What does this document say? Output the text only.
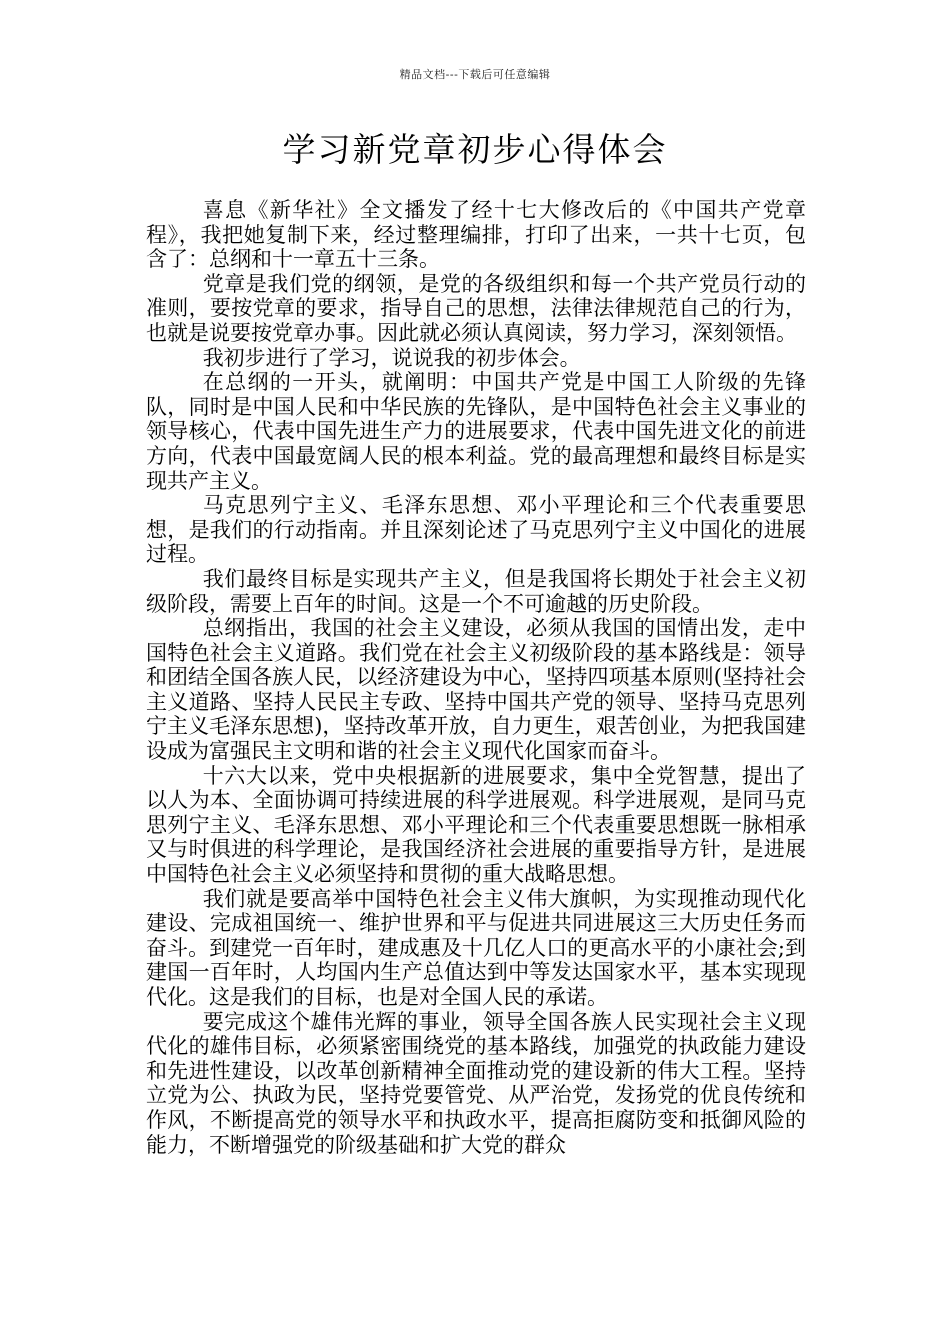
精品文档---下载后可任意编辑
学习新党章初步心得体会

喜息《新华社》全文播发了经十七大修改后的《中国共产党章程》，我把她复制下来，经过整理编排，打印了出来，一共十七页，包含了：总纲和十一章五十三条。

党章是我们党的纲领，是党的各级组织和每一个共产党员行动的准则，要按党章的要求，指导自己的思想，法律法律规范自己的行为，也就是说要按党章办事。因此就必须认真阅读，努力学习，深刻领悟。

我初步进行了学习，说说我的初步体会。

在总纲的一开头，就阐明：中国共产党是中国工人阶级的先锋队，同时是中国人民和中华民族的先锋队，是中国特色社会主义事业的领导核心，代表中国先进生产力的进展要求，代表中国先进文化的前进方向，代表中国最宽阔人民的根本利益。党的最高理想和最终目标是实现共产主义。

马克思列宁主义、毛泽东思想、邓小平理论和三个代表重要思想，是我们的行动指南。并且深刻论述了马克思列宁主义中国化的进展过程。

我们最终目标是实现共产主义，但是我国将长期处于社会主义初级阶段，需要上百年的时间。这是一个不可逾越的历史阶段。

总纲指出，我国的社会主义建设，必须从我国的国情出发，走中国特色社会主义道路。我们党在社会主义初级阶段的基本路线是：领导和团结全国各族人民，以经济建设为中心，坚持四项基本原则(坚持社会主义道路、坚持人民民主专政、坚持中国共产党的领导、坚持马克思列宁主义毛泽东思想)，坚持改革开放，自力更生，艰苦创业，为把我国建设成为富强民主文明和谐的社会主义现代化国家而奋斗。

十六大以来，党中央根据新的进展要求，集中全党智慧，提出了以人为本、全面协调可持续进展的科学进展观。科学进展观，是同马克思列宁主义、毛泽东思想、邓小平理论和三个代表重要思想既一脉相承又与时俱进的科学理论，是我国经济社会进展的重要指导方针，是进展中国特色社会主义必须坚持和贯彻的重大战略思想。

我们就是要高举中国特色社会主义伟大旗帜，为实现推动现代化建设、完成祖国统一、维护世界和平与促进共同进展这三大历史任务而奋斗。到建党一百年时，建成惠及十几亿人口的更高水平的小康社会;到建国一百年时，人均国内生产总值达到中等发达国家水平，基本实现现代化。这是我们的目标，也是对全国人民的承诺。

要完成这个雄伟光辉的事业，领导全国各族人民实现社会主义现代化的雄伟目标，必须紧密围绕党的基本路线，加强党的执政能力建设和先进性建设，以改革创新精神全面推动党的建设新的伟大工程。坚持立党为公、执政为民，坚持党要管党、从严治党，发扬党的优良传统和作风，不断提高党的领导水平和执政水平，提高拒腐防变和抵御风险的能力，不断增强党的阶级基础和扩大党的群众
